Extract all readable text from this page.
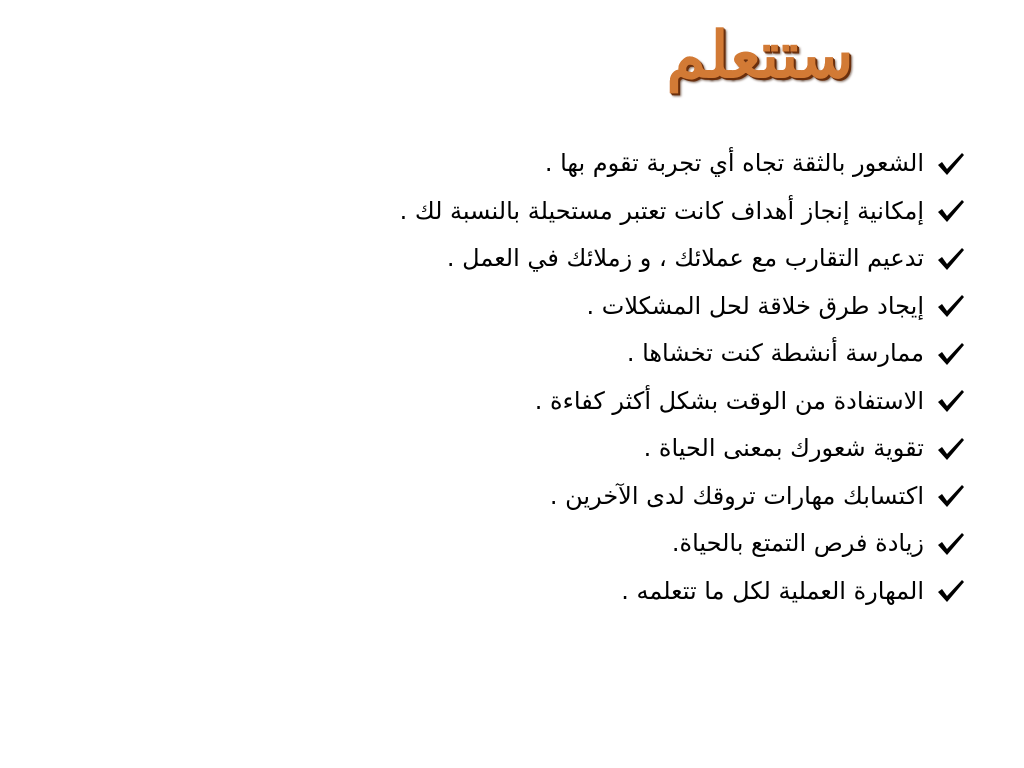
ستتعلم
الشعور بالثقة تجاه أي تجربة تقوم بها .
إمكانية إنجاز أهداف كانت تعتبر مستحيلة بالنسبة لك .
تدعيم التقارب مع عملائك ، و زملائك في العمل .
إيجاد طرق خلاقة لحل المشكلات .
ممارسة أنشطة كنت تخشاها .
الاستفادة من الوقت بشكل أكثر كفاءة .
تقوية شعورك بمعنى الحياة .
اكتسابك مهارات تروقك لدى الآخرين .
زيادة فرص التمتع بالحياة.
المهارة العملية لكل ما تتعلمه .
